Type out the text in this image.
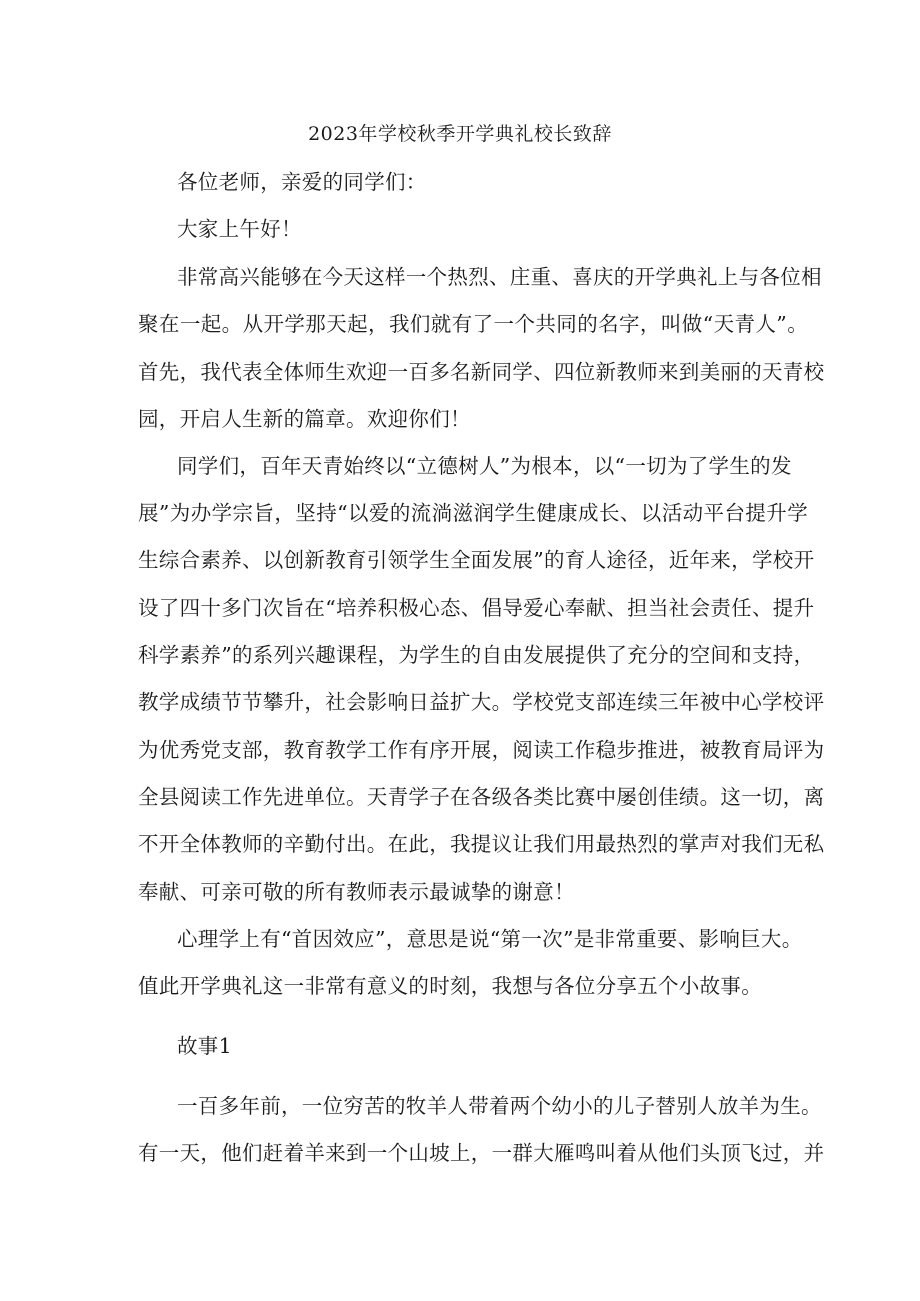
2023年学校秋季开学典礼校长致辞
各位老师，亲爱的同学们：
大家上午好！
非常高兴能够在今天这样一个热烈、庄重、喜庆的开学典礼上与各位相
聚在一起。从开学那天起，我们就有了一个共同的名字，叫做“天青人”。
首先，我代表全体师生欢迎一百多名新同学、四位新教师来到美丽的天青校
园，开启人生新的篇章。欢迎你们！
同学们，百年天青始终以“立德树人”为根本，以“一切为了学生的发
展”为办学宗旨，坚持“以爱的流淌滋润学生健康成长、以活动平台提升学
生综合素养、以创新教育引领学生全面发展”的育人途径，近年来，学校开
设了四十多门次旨在“培养积极心态、倡导爱心奉献、担当社会责任、提升
科学素养”的系列兴趣课程，为学生的自由发展提供了充分的空间和支持，
教学成绩节节攀升，社会影响日益扩大。学校党支部连续三年被中心学校评
为优秀党支部，教育教学工作有序开展，阅读工作稳步推进，被教育局评为
全县阅读工作先进单位。天青学子在各级各类比赛中屡创佳绩。这一切，离
不开全体教师的辛勤付出。在此，我提议让我们用最热烈的掌声对我们无私
奉献、可亲可敬的所有教师表示最诚挚的谢意！
心理学上有“首因效应”，意思是说“第一次”是非常重要、影响巨大。
值此开学典礼这一非常有意义的时刻，我想与各位分享五个小故事。
故事1
一百多年前，一位穷苦的牧羊人带着两个幼小的儿子替别人放羊为生。
有一天，他们赶着羊来到一个山坡上，一群大雁鸣叫着从他们头顶飞过，并
